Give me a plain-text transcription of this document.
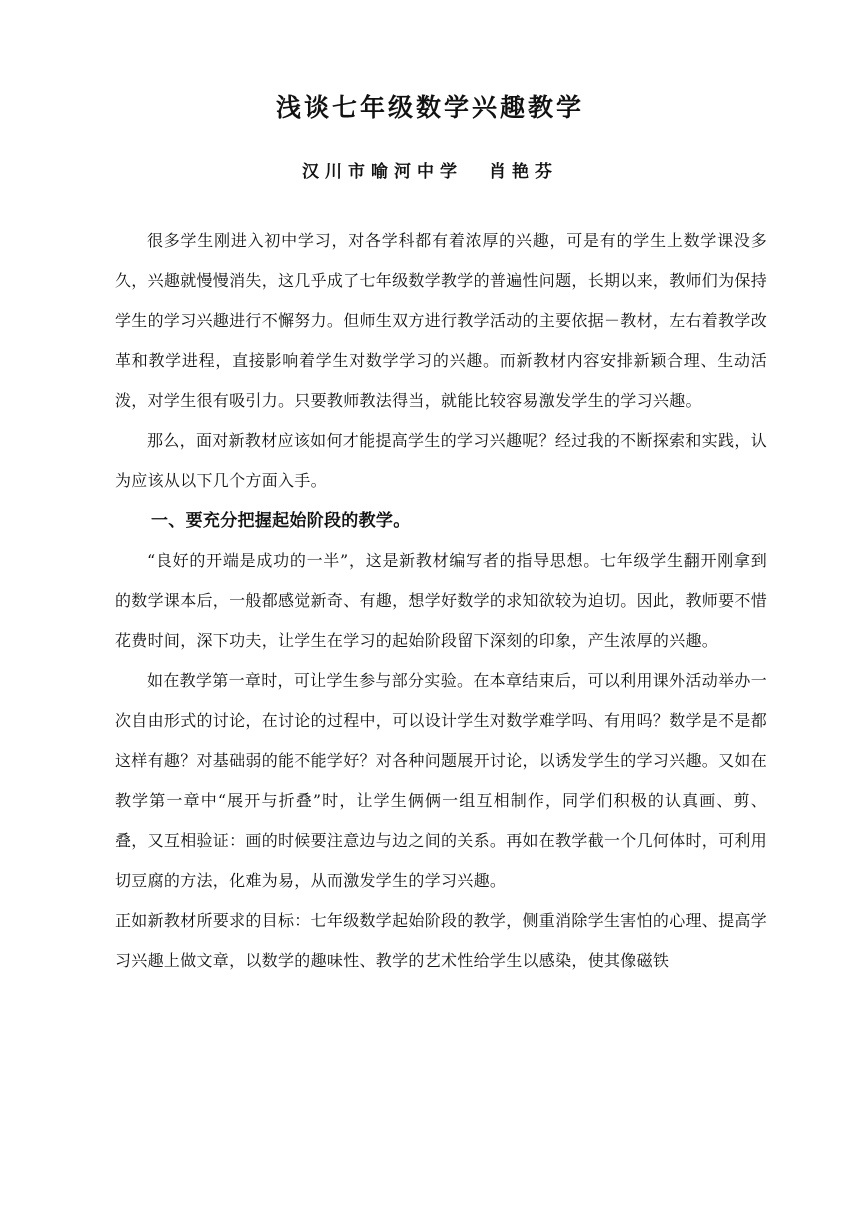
浅谈七年级数学兴趣教学
汉川市喻河中学 肖艳芬

很多学生刚进入初中学习，对各学科都有着浓厚的兴趣，可是有的学生上数学课没多久，兴趣就慢慢消失，这几乎成了七年级数学教学的普遍性问题，长期以来，教师们为保持学生的学习兴趣进行不懈努力。但师生双方进行教学活动的主要依据－教材，左右着教学改革和教学进程，直接影响着学生对数学学习的兴趣。而新教材内容安排新颖合理、生动活泼，对学生很有吸引力。只要教师教法得当，就能比较容易激发学生的学习兴趣。

那么，面对新教材应该如何才能提高学生的学习兴趣呢？经过我的不断探索和实践，认为应该从以下几个方面入手。

一、要充分把握起始阶段的教学。

“良好的开端是成功的一半”，这是新教材编写者的指导思想。七年级学生翻开刚拿到的数学课本后，一般都感觉新奇、有趣，想学好数学的求知欲较为迫切。因此，教师要不惜花费时间，深下功夫，让学生在学习的起始阶段留下深刻的印象，产生浓厚的兴趣。

如在教学第一章时，可让学生参与部分实验。在本章结束后，可以利用课外活动举办一次自由形式的讨论，在讨论的过程中，可以设计学生对数学难学吗、有用吗？数学是不是都这样有趣？对基础弱的能不能学好？对各种问题展开讨论，以诱发学生的学习兴趣。又如在教学第一章中“展开与折叠”时，让学生俩俩一组互相制作，同学们积极的认真画、剪、叠，又互相验证：画的时候要注意边与边之间的关系。再如在教学截一个几何体时，可利用切豆腐的方法，化难为易，从而激发学生的学习兴趣。

正如新教材所要求的目标：七年级数学起始阶段的教学，侧重消除学生害怕的心理、提高学习兴趣上做文章，以数学的趣味性、教学的艺术性给学生以感染，使其像磁铁
